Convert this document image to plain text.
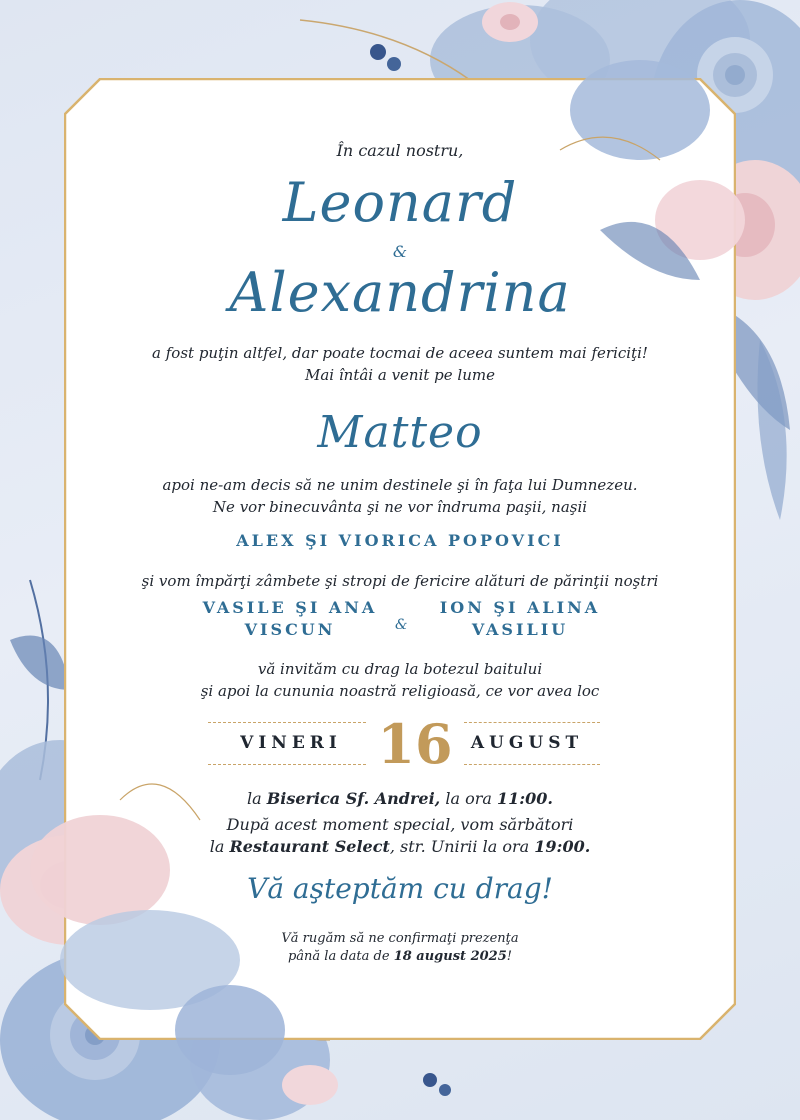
În cazul nostru,
Leonard
&
Alexandrina
a fost puţin altfel, dar poate tocmai de aceea suntem mai fericiţi!
Mai întâi a venit pe lume
Matteo
apoi ne-am decis să ne unim destinele şi în faţa lui Dumnezeu.
Ne vor binecuvânta şi ne vor îndruma paşii, naşii
ALEX ŞI VIORICA POPOVICI
şi vom împărţi zâmbete şi stropi de fericire alături de părinţii noştri
VASILE ŞI ANA
VISCUN	&
ION ŞI ALINA
VASILIU
vă invităm cu drag la botezul baitului
şi apoi la cununia noastră religioasă, ce vor avea loc
VINERI 16	AUGUST
la Biserica Sf. Andrei, la ora 11:00.
După acest moment special, vom sărbători
la Restaurant Select, str. Unirii la ora 19:00.
Vă aşteptăm cu drag!
Vă rugăm să ne confirmaţi prezenţa
până la data de 18 august 2025!
